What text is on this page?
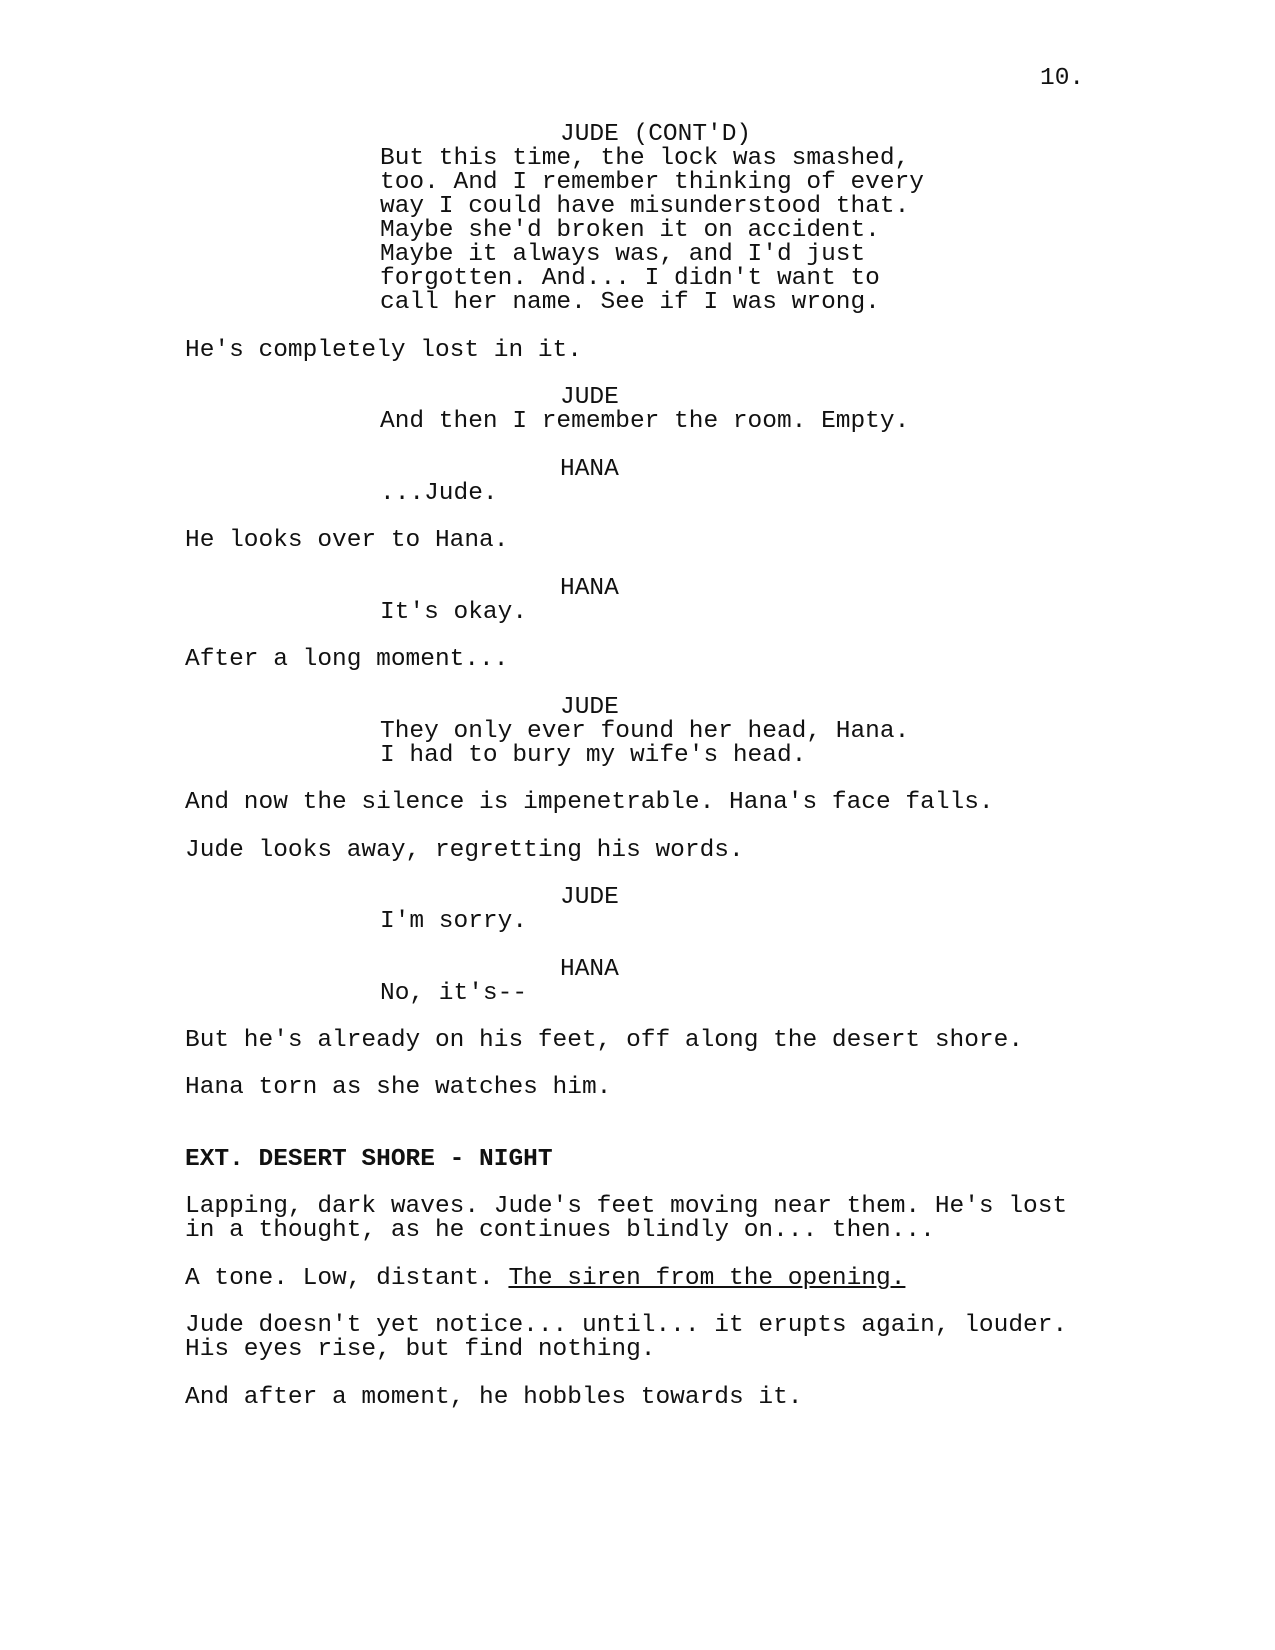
10.
JUDE (CONT'D)
But this time, the lock was smashed,
too. And I remember thinking of every
way I could have misunderstood that.
Maybe she'd broken it on accident.
Maybe it always was, and I'd just
forgotten. And... I didn't want to
call her name. See if I was wrong.
He's completely lost in it.
JUDE
And then I remember the room. Empty.
HANA
...Jude.
He looks over to Hana.
HANA
It's okay.
After a long moment...
JUDE
They only ever found her head, Hana.
I had to bury my wife's head.
And now the silence is impenetrable. Hana's face falls.
Jude looks away, regretting his words.
JUDE
I'm sorry.
HANA
No, it's--
But he's already on his feet, off along the desert shore.
Hana torn as she watches him.
EXT. DESERT SHORE - NIGHT
Lapping, dark waves. Jude's feet moving near them. He's lost
in a thought, as he continues blindly on... then...
A tone. Low, distant. The siren from the opening.
Jude doesn't yet notice... until... it erupts again, louder.
His eyes rise, but find nothing.
And after a moment, he hobbles towards it.
